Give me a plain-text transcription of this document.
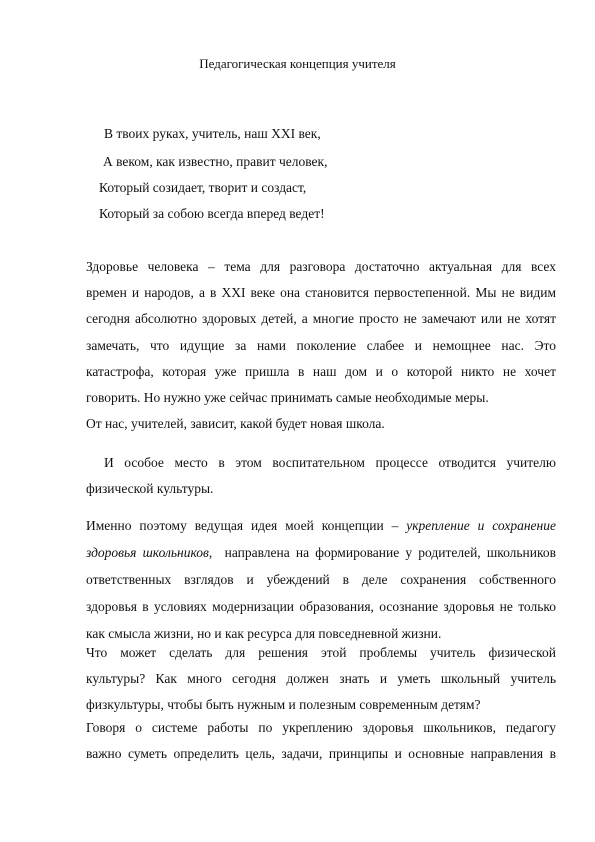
Педагогическая концепция учителя
В твоих руках, учитель, наш XXI век,
А веком, как известно, правит человек,
Который созидает, творит и создаст,
Который за собою всегда вперед ведет!

Здоровье человека – тема для разговора достаточно актуальная для всех
времен и народов, а в XXI веке она становится первостепенной. Мы не видим
сегодня абсолютно здоровых детей, а многие просто не замечают или не хотят
замечать, что идущие за нами поколение слабее и немощнее нас. Это
катастрофа, которая уже пришла в наш дом и о которой никто не хочет
говорить. Но нужно уже сейчас принимать самые необходимые меры.

От нас, учителей, зависит, какой будет новая школа.

И особое место в этом воспитательном процессе отводится учителю
физической культуры.

Именно поэтому ведущая идея моей концепции – укрепление и сохранение
здоровья школьников, направлена на формирование у родителей, школьников
ответственных взглядов и убеждений в деле сохранения собственного
здоровья в условиях модернизации образования, осознание здоровья не только
как смысла жизни, но и как ресурса для повседневной жизни.

Что может сделать для решения этой проблемы учитель физической
культуры? Как много сегодня должен знать и уметь школьный учитель
физкультуры, чтобы быть нужным и полезным современным детям?

Говоря о системе работы по укреплению здоровья школьников, педагогу
важно суметь определить цель, задачи, принципы и основные направления в
